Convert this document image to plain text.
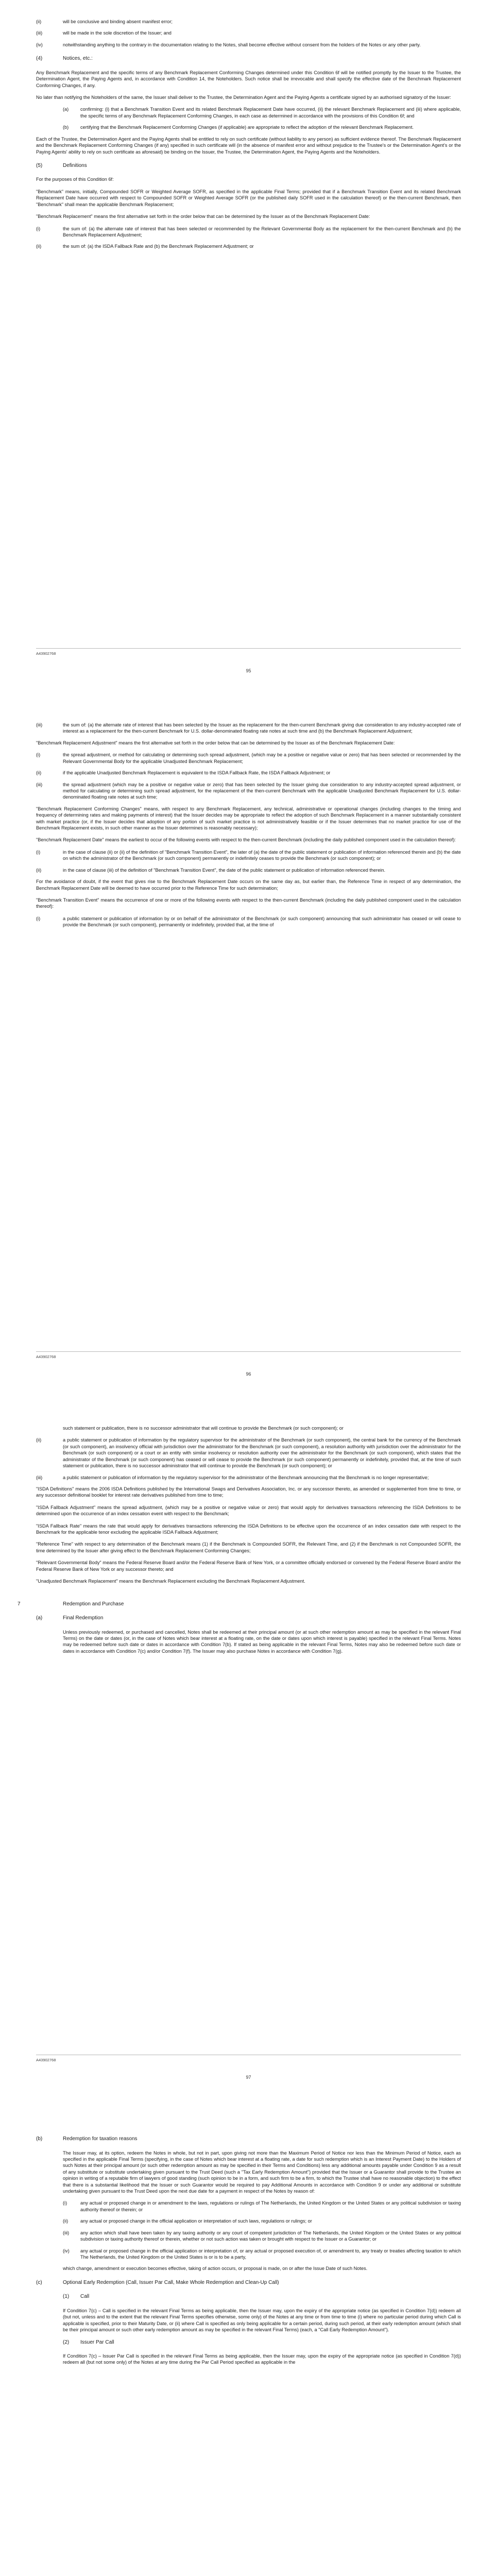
(ii)	will be conclusive and binding absent manifest error;
(iii)	will be made in the sole discretion of the Issuer; and
(iv)	notwithstanding anything to the contrary in the documentation relating to the Notes, shall become effective without consent from the holders of the Notes or any other party.
(4)	Notices, etc.:

Any Benchmark Replacement and the specific terms of any Benchmark Replacement Conforming Changes determined under this Condition 6f will be notified promptly by the Issuer to the Trustee, the Determination Agent, the Paying Agents and, in accordance with Condition 14, the Noteholders. Such notice shall be irrevocable and shall specify the effective date of the Benchmark Replacement Conforming Changes, if any.

No later than notifying the Noteholders of the same, the Issuer shall deliver to the Trustee, the Determination Agent and the Paying Agents a certificate signed by an authorised signatory of the Issuer:

(a)	confirming: (i) that a Benchmark Transition Event and its related Benchmark Replacement Date have occurred, (ii) the relevant Benchmark Replacement and (iii) where applicable, the specific terms of any Benchmark Replacement Conforming Changes, in each case as determined in accordance with the provisions of this Condition 6f; and
(b)	certifying that the Benchmark Replacement Conforming Changes (if applicable) are appropriate to reflect the adoption of the relevant Benchmark Replacement.

Each of the Trustee, the Determination Agent and the Paying Agents shall be entitled to rely on such certificate (without liability to any person) as sufficient evidence thereof. The Benchmark Replacement and the Benchmark Replacement Conforming Changes (if any) specified in such certificate will (in the absence of manifest error and without prejudice to the Trustee's or the Determination Agent's or the Paying Agents' ability to rely on such certificate as aforesaid) be binding on the Issuer, the Trustee, the Determination Agent, the Paying Agents and the Noteholders.

(5)	Definitions

For the purposes of this Condition 6f:

"Benchmark" means, initially, Compounded SOFR or Weighted Average SOFR, as specified in the applicable Final Terms; provided that if a Benchmark Transition Event and its related Benchmark Replacement Date have occurred with respect to Compounded SOFR or Weighted Average SOFR (or the published daily SOFR used in the calculation thereof) or the then-current Benchmark, then "Benchmark" shall mean the applicable Benchmark Replacement;

"Benchmark Replacement" means the first alternative set forth in the order below that can be determined by the Issuer as of the Benchmark Replacement Date:

(i)	the sum of: (a) the alternate rate of interest that has been selected or recommended by the Relevant Governmental Body as the replacement for the then-current Benchmark and (b) the Benchmark Replacement Adjustment;
(ii)	the sum of: (a) the ISDA Fallback Rate and (b) the Benchmark Replacement Adjustment; or
A43902768
95
(iii)	the sum of: (a) the alternate rate of interest that has been selected by the Issuer as the replacement for the then-current Benchmark giving due consideration to any industry-accepted rate of interest as a replacement for the then-current Benchmark for U.S. dollar-denominated floating rate notes at such time and (b) the Benchmark Replacement Adjustment;

"Benchmark Replacement Adjustment" means the first alternative set forth in the order below that can be determined by the Issuer as of the Benchmark Replacement Date:

(i)	the spread adjustment, or method for calculating or determining such spread adjustment, (which may be a positive or negative value or zero) that has been selected or recommended by the Relevant Governmental Body for the applicable Unadjusted Benchmark Replacement;
(ii)	if the applicable Unadjusted Benchmark Replacement is equivalent to the ISDA Fallback Rate, the ISDA Fallback Adjustment; or
(iii)	the spread adjustment (which may be a positive or negative value or zero) that has been selected by the Issuer giving due consideration to any industry-accepted spread adjustment, or method for calculating or determining such spread adjustment, for the replacement of the then-current Benchmark with the applicable Unadjusted Benchmark Replacement for U.S. dollar-denominated floating rate notes at such time;

"Benchmark Replacement Conforming Changes" means, with respect to any Benchmark Replacement, any technical, administrative or operational changes (including changes to the timing and frequency of determining rates and making payments of interest) that the Issuer decides may be appropriate to reflect the adoption of such Benchmark Replacement in a manner substantially consistent with market practice (or, if the Issuer decides that adoption of any portion of such market practice is not administratively feasible or if the Issuer determines that no market practice for use of the Benchmark Replacement exists, in such other manner as the Issuer determines is reasonably necessary);

"Benchmark Replacement Date" means the earliest to occur of the following events with respect to the then-current Benchmark (including the daily published component used in the calculation thereof):

(i)	in the case of clause (ii) or (ii) of the definition of "Benchmark Transition Event", the later of (a) the date of the public statement or publication of information referenced therein and (b) the date on which the administrator of the Benchmark (or such component) permanently or indefinitely ceases to provide the Benchmark (or such component); or
(ii)	in the case of clause (iii) of the definition of "Benchmark Transition Event", the date of the public statement or publication of information referenced therein.

For the avoidance of doubt, if the event that gives rise to the Benchmark Replacement Date occurs on the same day as, but earlier than, the Reference Time in respect of any determination, the Benchmark Replacement Date will be deemed to have occurred prior to the Reference Time for such determination;

"Benchmark Transition Event" means the occurrence of one or more of the following events with respect to the then-current Benchmark (including the daily published component used in the calculation thereof):

(i)	a public statement or publication of information by or on behalf of the administrator of the Benchmark (or such component) announcing that such administrator has ceased or will cease to provide the Benchmark (or such component), permanently or indefinitely, provided that, at the time of
A43902768
96

such statement or publication, there is no successor administrator that will continue to provide the Benchmark (or such component); or

(ii)	a public statement or publication of information by the regulatory supervisor for the administrator of the Benchmark (or such component), the central bank for the currency of the Benchmark (or such component), an insolvency official with jurisdiction over the administrator for the Benchmark (or such component), a resolution authority with jurisdiction over the administrator for the Benchmark (or such component) or a court or an entity with similar insolvency or resolution authority over the administrator for the Benchmark (or such component), which states that the administrator of the Benchmark (or such component) has ceased or will cease to provide the Benchmark (or such component) permanently or indefinitely, provided that, at the time of such statement or publication, there is no successor administrator that will continue to provide the Benchmark (or such component); or
(iii)	a public statement or publication of information by the regulatory supervisor for the administrator of the Benchmark announcing that the Benchmark is no longer representative;

"ISDA Definitions" means the 2006 ISDA Definitions published by the International Swaps and Derivatives Association, Inc. or any successor thereto, as amended or supplemented from time to time, or any successor definitional booklet for interest rate derivatives published from time to time;

"ISDA Fallback Adjustment" means the spread adjustment, (which may be a positive or negative value or zero) that would apply for derivatives transactions referencing the ISDA Definitions to be determined upon the occurrence of an index cessation event with respect to the Benchmark;

"ISDA Fallback Rate" means the rate that would apply for derivatives transactions referencing the ISDA Definitions to be effective upon the occurrence of an index cessation date with respect to the Benchmark for the applicable tenor excluding the applicable ISDA Fallback Adjustment;

"Reference Time" with respect to any determination of the Benchmark means (1) if the Benchmark is Compounded SOFR, the Relevant Time, and (2) if the Benchmark is not Compounded SOFR, the time determined by the Issuer after giving effect to the Benchmark Replacement Conforming Changes;

"Relevant Governmental Body" means the Federal Reserve Board and/or the Federal Reserve Bank of New York, or a committee officially endorsed or convened by the Federal Reserve Board and/or the Federal Reserve Bank of New York or any successor thereto; and

"Unadjusted Benchmark Replacement" means the Benchmark Replacement excluding the Benchmark Replacement Adjustment.

7	Redemption and Purchase
(a)	Final Redemption

Unless previously redeemed, or purchased and cancelled, Notes shall be redeemed at their principal amount (or at such other redemption amount as may be specified in the relevant Final Terms) on the date or dates (or, in the case of Notes which bear interest at a floating rate, on the date or dates upon which interest is payable) specified in the relevant Final Terms. Notes may be redeemed before such date or dates in accordance with Condition 7(b). If stated as being applicable in the relevant Final Terms, Notes may also be redeemed before such date or dates in accordance with Condition 7(c) and/or Condition 7(f). The Issuer may also purchase Notes in accordance with Condition 7(g).

A43902768
97
(b)	Redemption for taxation reasons

The Issuer may, at its option, redeem the Notes in whole, but not in part, upon giving not more than the Maximum Period of Notice nor less than the Minimum Period of Notice, each as specified in the applicable Final Terms (specifying, in the case of Notes which bear interest at a floating rate, a date for such redemption which is an Interest Payment Date) to the Holders of such Notes at their principal amount (or such other redemption amount as may be specified in their Terms and Conditions) less any additional amounts payable under Condition 9 as a result of any substitute or substitute undertaking given pursuant to the Trust Deed (such a "Tax Early Redemption Amount") provided that the Issuer or a Guarantor shall provide to the Trustee an opinion in writing of a reputable firm of lawyers of good standing (such opinion to be in a form, and such firm to be a firm, to which the Trustee shall have no reasonable objection) to the effect that there is a substantial likelihood that the Issuer or such Guarantor would be required to pay Additional Amounts in accordance with Condition 9 or under any additional or substitute undertaking given pursuant to the Trust Deed upon the next due date for a payment in respect of the Notes by reason of:

(i)	any actual or proposed change in or amendment to the laws, regulations or rulings of The Netherlands, the United Kingdom or the United States or any political subdivision or taxing authority thereof or therein; or
(ii)	any actual or proposed change in the official application or interpretation of such laws, regulations or rulings; or
(iii)	any action which shall have been taken by any taxing authority or any court of competent jurisdiction of The Netherlands, the United Kingdom or the United States or any political subdivision or taxing authority thereof or therein, whether or not such action was taken or brought with respect to the Issuer or a Guarantor; or
(iv)	any actual or proposed change in the official application or interpretation of, or any actual or proposed execution of, or amendment to, any treaty or treaties affecting taxation to which The Netherlands, the United Kingdom or the United States is or is to be a party,

which change, amendment or execution becomes effective, taking of action occurs, or proposal is made, on or after the Issue Date of such Notes.

(c)	Optional Early Redemption (Call, Issuer Par Call, Make Whole Redemption and Clean-Up Call)
(1)	Call

If Condition 7(c) – Call is specified in the relevant Final Terms as being applicable, then the Issuer may, upon the expiry of the appropriate notice (as specified in Condition 7(d)) redeem all (but not, unless and to the extent that the relevant Final Terms specifies otherwise, some only) of the Notes at any time or from time to time (i) where no particular period during which Call is applicable is specified, prior to their Maturity Date, or (ii) where Call is specified as only being applicable for a certain period, during such period, at their early redemption amount (which shall be their principal amount or such other early redemption amount as may be specified in the relevant Final Terms) (each, a "Call Early Redemption Amount").

(2)	Issuer Par Call

If Condition 7(c) – Issuer Par Call is specified in the relevant Final Terms as being applicable, then the Issuer may, upon the expiry of the appropriate notice (as specified in Condition 7(d)) redeem all (but not some only) of the Notes at any time during the Par Call Period specified as applicable in the
